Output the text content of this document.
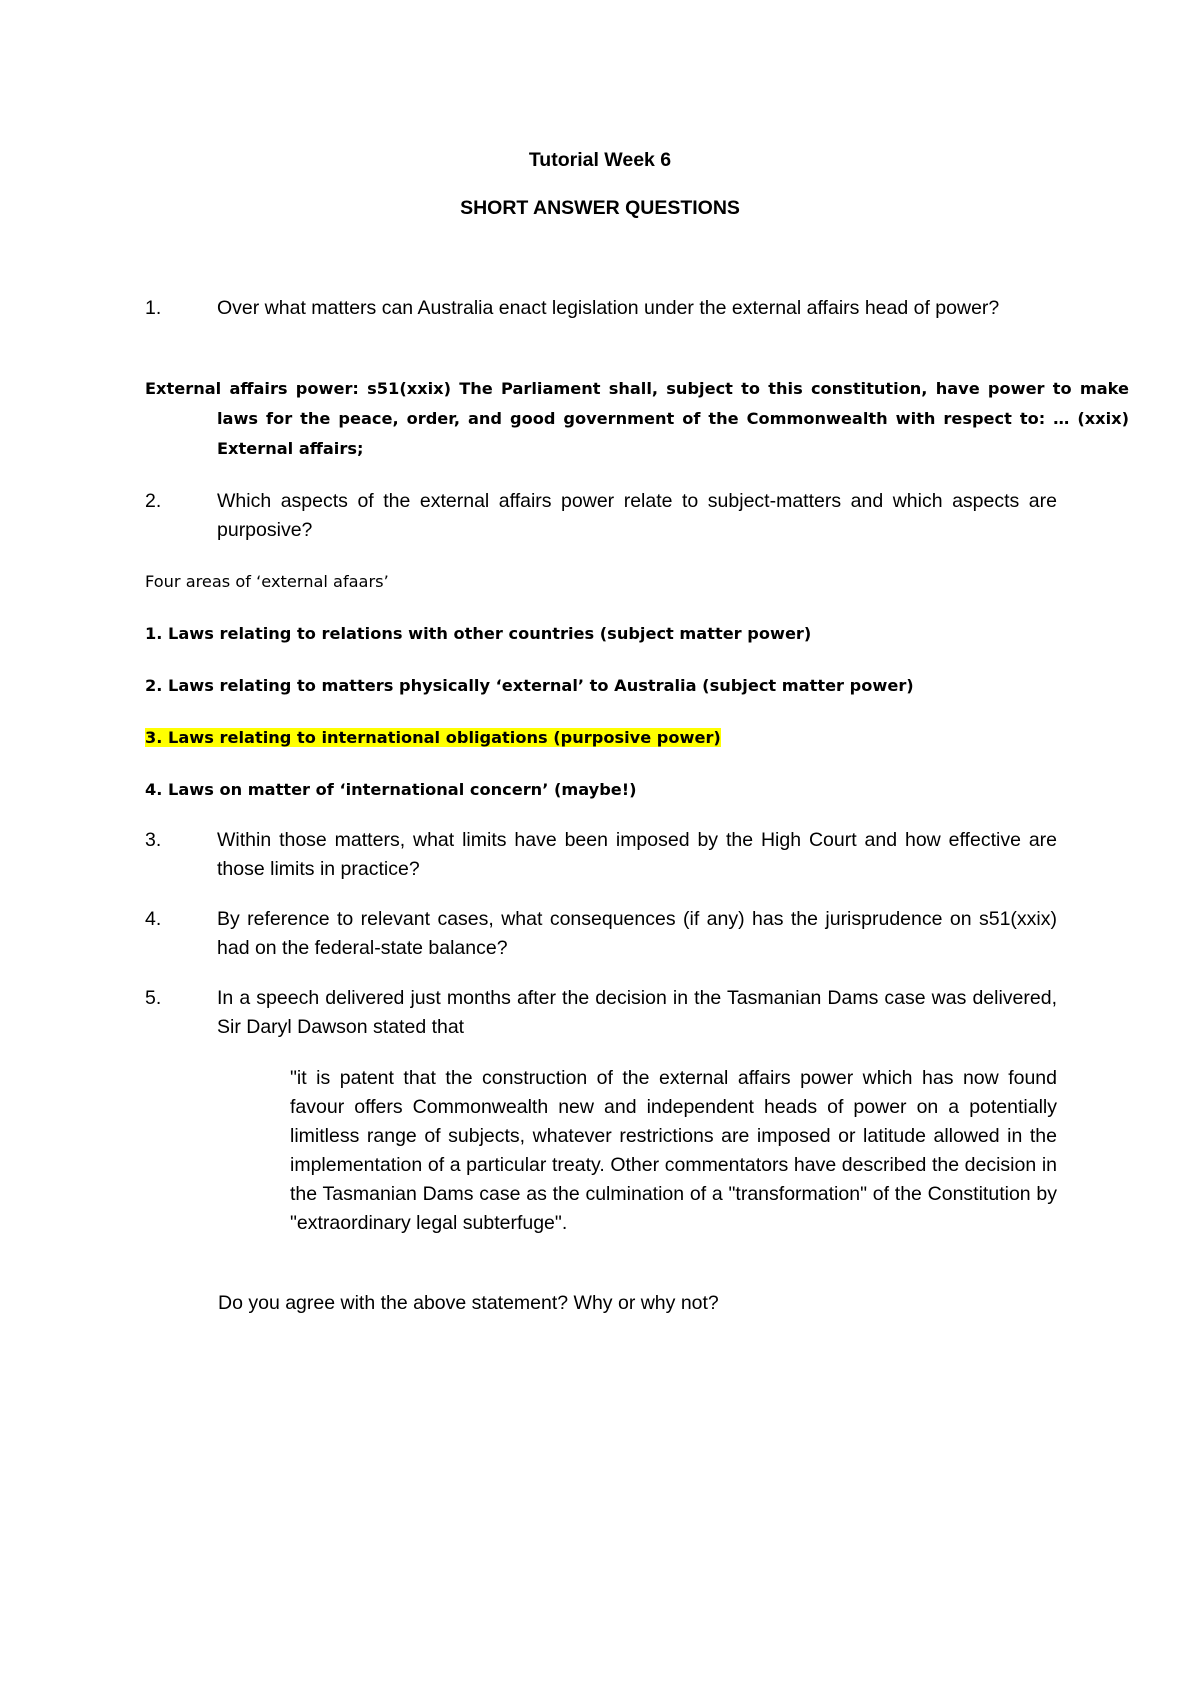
Tutorial Week 6
SHORT ANSWER QUESTIONS
1.	Over what matters can Australia enact legislation under the external affairs head of power?
External affairs power: s51(xxix) The Parliament shall, subject to this constitution, have power to make laws for the peace, order, and good government of the Commonwealth with respect to: … (xxix) External affairs;
2.	Which aspects of the external affairs power relate to subject-matters and which aspects are purposive?
Four areas of ‘external afaars’
1. Laws relating to relations with other countries (subject matter power)
2. Laws relating to matters physically ‘external’ to Australia (subject matter power)
3. Laws relating to international obligations (purposive power)
4. Laws on matter of ‘international concern’ (maybe!)
3.	Within those matters, what limits have been imposed by the High Court and how effective are those limits in practice?
4.	By reference to relevant cases, what consequences (if any) has the jurisprudence on s51(xxix) had on the federal-state balance?
5.	In a speech delivered just months after the decision in the Tasmanian Dams case was delivered, Sir Daryl Dawson stated that
"it is patent that the construction of the external affairs power which has now found favour offers Commonwealth new and independent heads of power on a potentially limitless range of subjects, whatever restrictions are imposed or latitude allowed in the implementation of a particular treaty. Other commentators have described the decision in the Tasmanian Dams case as the culmination of a "transformation" of the Constitution by "extraordinary legal subterfuge".
Do you agree with the above statement? Why or why not?
